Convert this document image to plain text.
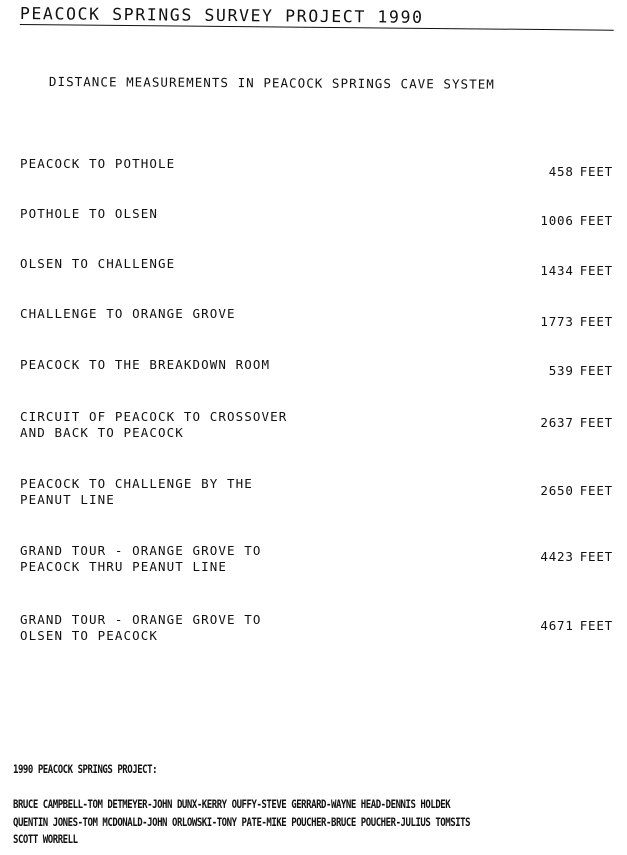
PEACOCK SPRINGS SURVEY PROJECT 1990
DISTANCE MEASUREMENTS IN PEACOCK SPRINGS CAVE SYSTEM
PEACOCK TO POTHOLE
458 FEET
POTHOLE TO OLSEN	1006 FEET
OLSEN TO CHALLENGE	1434 FEET
CHALLENGE TO ORANGE GROVE
1773 FEET
PEACOCK TO THE BREAKDOWN ROOM	539 FEET
CIRCUIT OF PEACOCK TO CROSSOVER
AND BACK TO PEACOCK
2637 FEET
PEACOCK TO CHALLENGE BY THE
PEANUT LINE
2650 FEET
GRAND TOUR - ORANGE GROVE TO
PEACOCK THRU PEANUT LINE
4423 FEET
GRAND TOUR - ORANGE GROVE TO
OLSEN TO PEACOCK
4671 FEET
1990 PEACOCK SPRINGS PROJECT:
BRUCE CAMPBELL-TOM DETMEYER-JOHN DUNX-KERRY OUFFY-STEVE GERRARD-WAYNE HEAD-DENNIS HOLDEK
QUENTIN JONES-TOM MCDONALD-JOHN ORLOWSKI-TONY PATE-MIKE POUCHER-BRUCE POUCHER-JULIUS TOMSITS
SCOTT WORRELL
